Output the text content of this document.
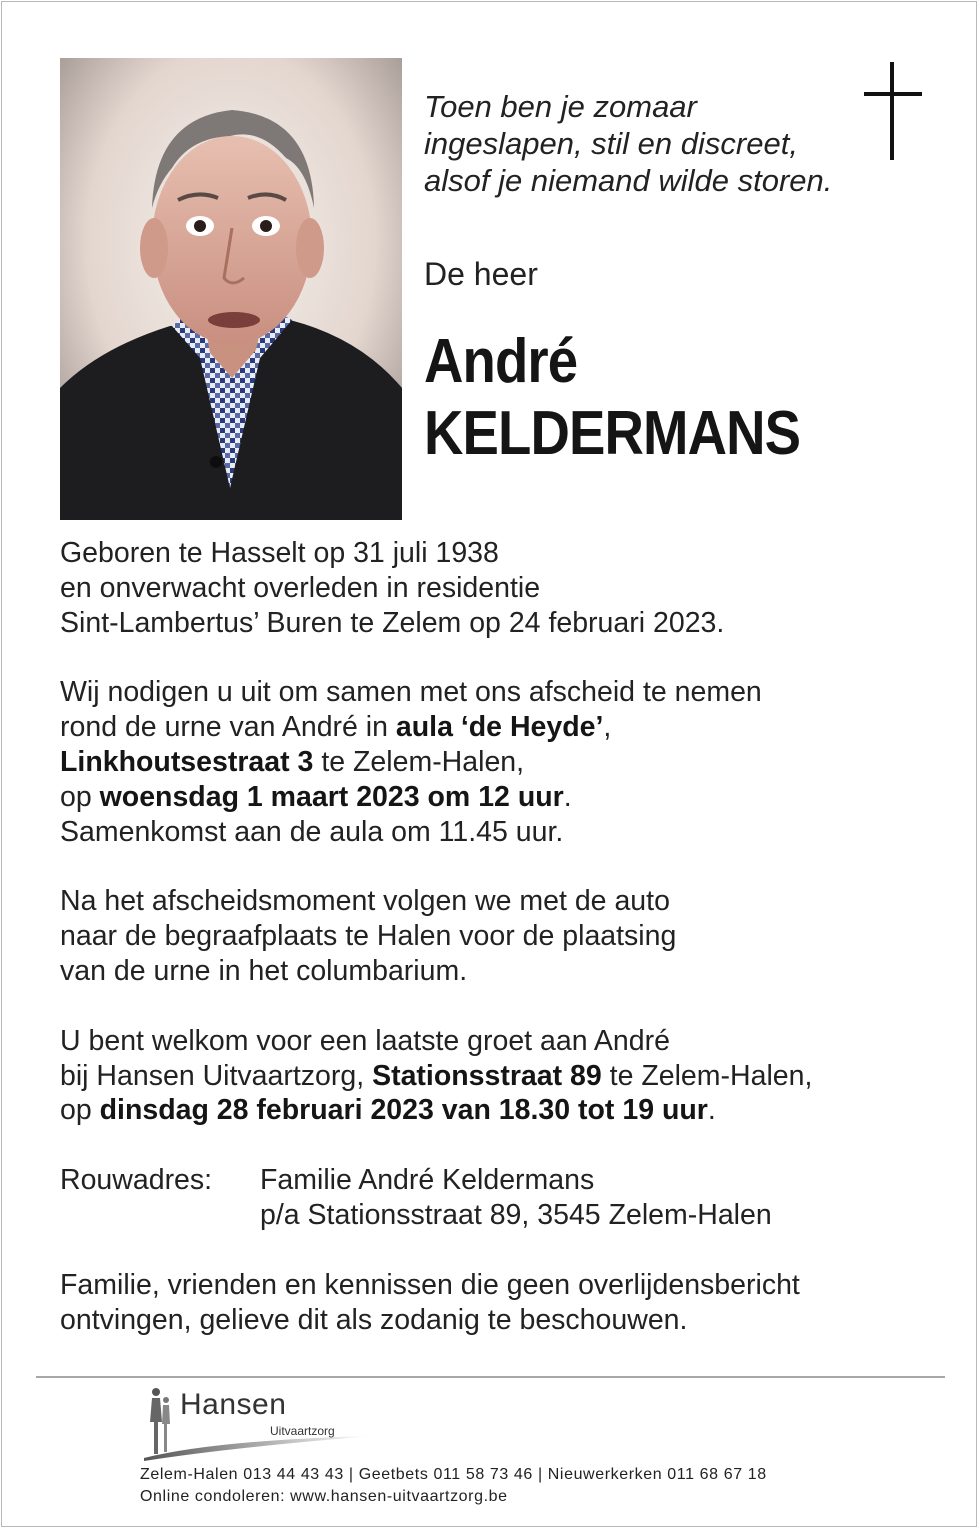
Toen ben je zomaar
ingeslapen, stil en discreet,
alsof je niemand wilde storen.
De heer
André
KELDERMANS

Geboren te Hasselt op 31 juli 1938
en onverwacht overleden in residentie
Sint-Lambertus’ Buren te Zelem op 24 februari 2023.

Wij nodigen u uit om samen met ons afscheid te nemen
rond de urne van André in aula ‘de Heyde’,
Linkhoutsestraat 3 te Zelem-Halen,
op woensdag 1 maart 2023 om 12 uur.
Samenkomst aan de aula om 11.45 uur.

Na het afscheidsmoment volgen we met de auto
naar de begraafplaats te Halen voor de plaatsing
van de urne in het columbarium.

U bent welkom voor een laatste groet aan André
bij Hansen Uitvaartzorg, Stationsstraat 89 te Zelem-Halen,
op dinsdag 28 februari 2023 van 18.30 tot 19 uur.

Rouwadres:	Familie André Keldermans
p/a Stationsstraat 89, 3545 Zelem-Halen

Familie, vrienden en kennissen die geen overlijdensbericht
ontvingen, gelieve dit als zodanig te beschouwen.

Hansen
Uitvaartzorg
Zelem-Halen 013 44 43 43 | Geetbets 011 58 73 46 | Nieuwerkerken 011 68 67 18
Online condoleren: www.hansen-uitvaartzorg.be
